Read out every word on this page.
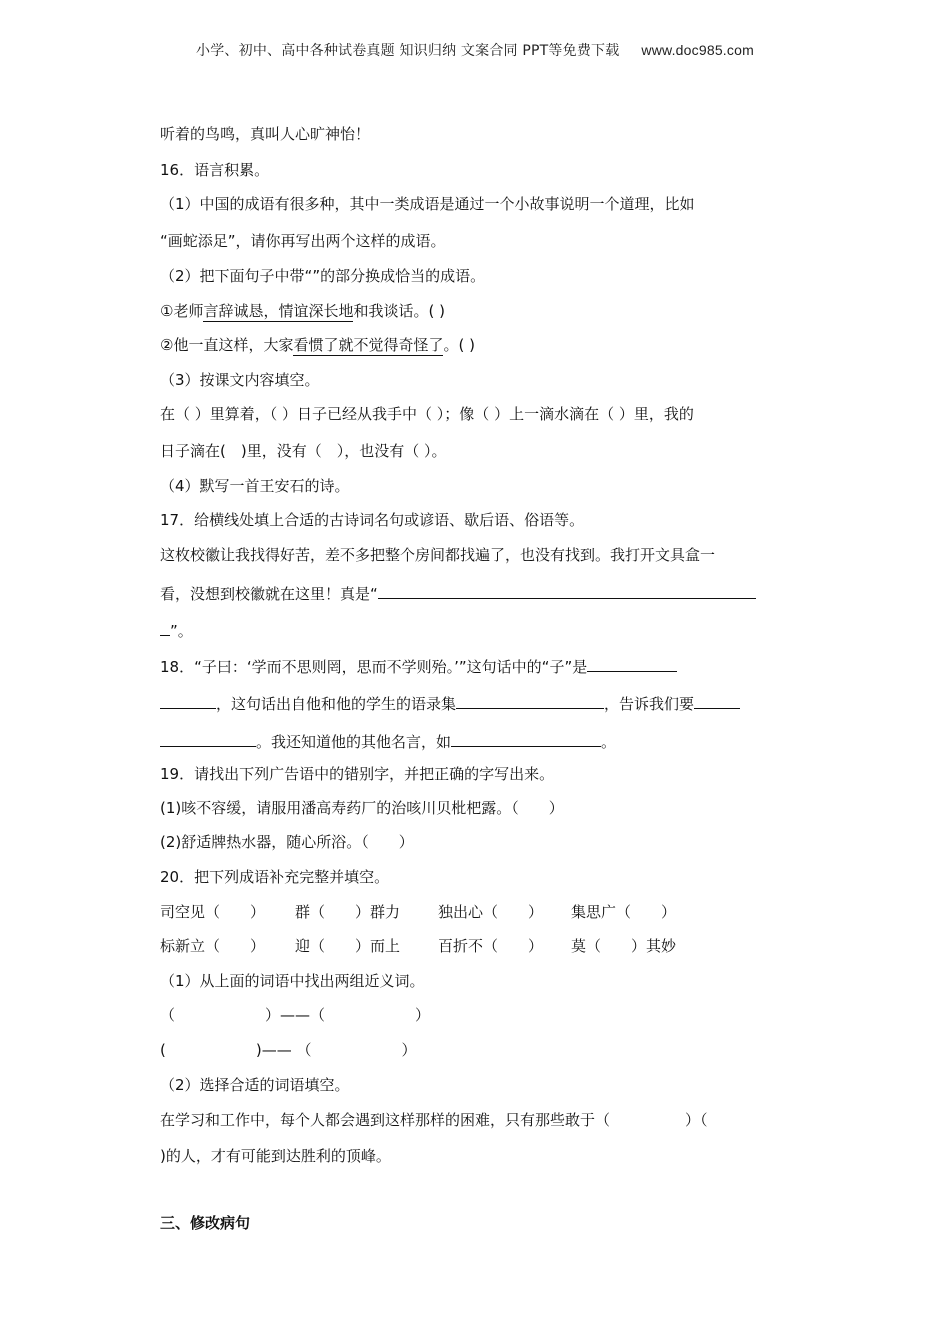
小学、初中、高中各种试卷真题 知识归纳 文案合同 PPT等免费下载 www.doc985.com
听着的鸟鸣，真叫人心旷神怡！
16．语言积累。
（1）中国的成语有很多种，其中一类成语是通过一个小故事说明一个道理，比如
“画蛇添足”，请你再写出两个这样的成语。
（2）把下面句子中带“”的部分换成恰当的成语。
①老师言辞诚恳，情谊深长地和我谈话。( )
②他一直这样，大家看惯了就不觉得奇怪了。( )
（3）按课文内容填空。
在（ ）里算着，（ ）日子已经从我手中（ ）；像（ ）上一滴水滴在（ ）里，我的
日子滴在(　)里，没有（　），也没有（ ）。
（4）默写一首王安石的诗。
17．给横线处填上合适的古诗词名句或谚语、歇后语、俗语等。
这枚校徽让我找得好苦，差不多把整个房间都找遍了，也没有找到。我打开文具盒一
看，没想到校徽就在这里！真是“
”。
18．“子曰：‘学而不思则罔，思而不学则殆。’”这句话中的“子”是
，这句话出自他和他的学生的语录集	，告诉我们要
。我还知道他的其他名言，如	。
19．请找出下列广告语中的错别字，并把正确的字写出来。
(1)咳不容缓，请服用潘高寿药厂的治咳川贝枇杷露。（　　）
(2)舒适牌热水器，随心所浴。（　　）
20．把下列成语补充完整并填空。
司空见（　　） 群（　　）群力	独出心（　　） 集思广（　　）
标新立（　　） 迎（　　）而上	百折不（　　） 莫（　　）其妙
（1）从上面的词语中找出两组近义词。
（　　　　　　）——（　　　　　　）
(　　　　　　)—— （　　　　　　）
（2）选择合适的词语填空。
在学习和工作中，每个人都会遇到这样那样的困难，只有那些敢于（　　　　　）（
)的人，才有可能到达胜利的顶峰。
三、修改病句
